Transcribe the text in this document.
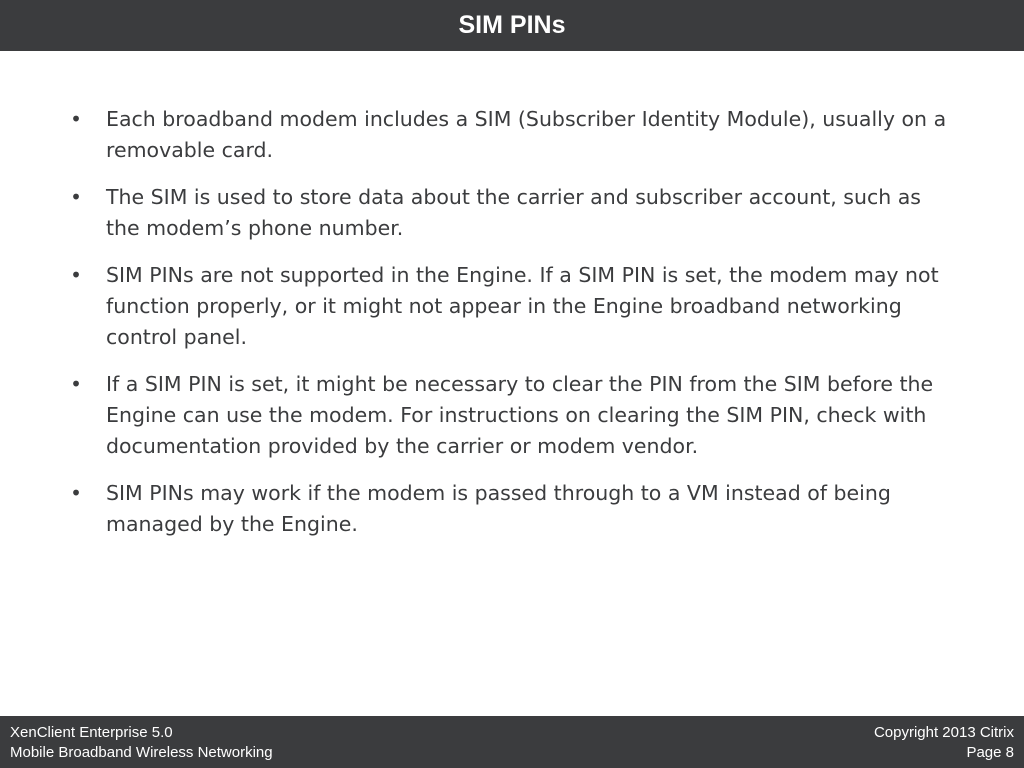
SIM PINs
• Each broadband modem includes a SIM (Subscriber Identity Module), usually on a removable card.
• The SIM is used to store data about the carrier and subscriber account, such as the modem’s phone number.
• SIM PINs are not supported in the Engine. If a SIM PIN is set, the modem may not function properly, or it might not appear in the Engine broadband networking control panel.
• If a SIM PIN is set, it might be necessary to clear the PIN from the SIM before the Engine can use the modem. For instructions on clearing the SIM PIN, check with documentation provided by the carrier or modem vendor.
• SIM PINs may work if the modem is passed through to a VM instead of being managed by the Engine.
XenClient Enterprise 5.0
Mobile Broadband Wireless Networking
Copyright 2013 Citrix
Page 8
